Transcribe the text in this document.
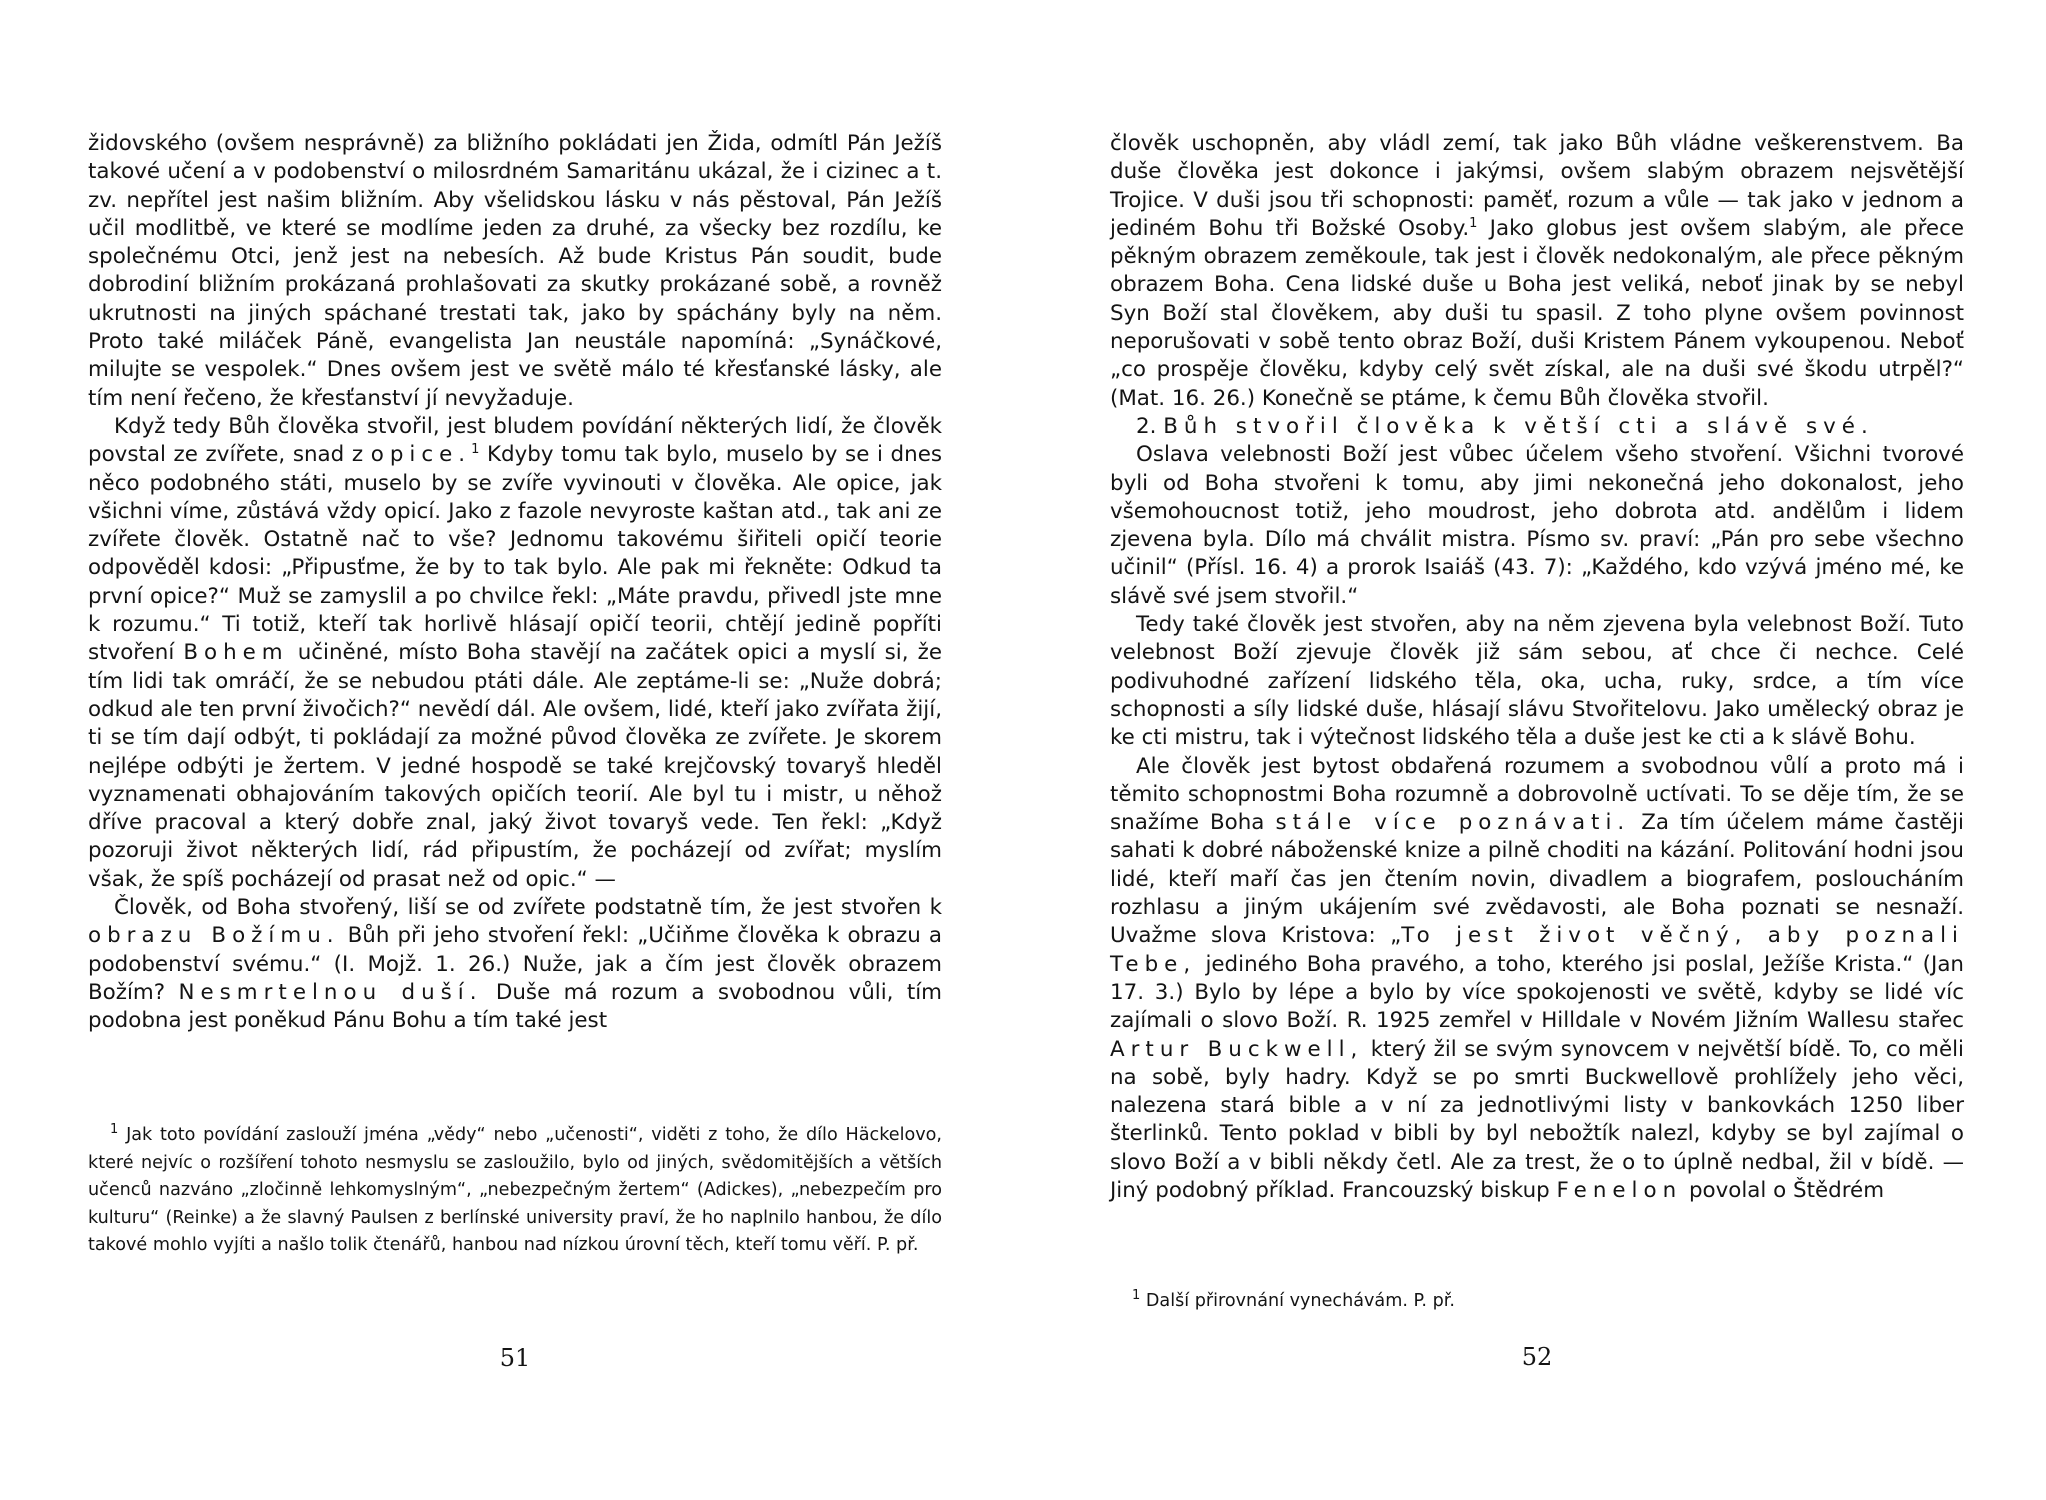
židovského (ovšem nesprávně) za bližního pokládati jen Žida, odmítl Pán Ježíš takové učení a v podobenství o milosrdném Samaritánu ukázal, že i cizinec a t. zv. nepřítel jest našim bližním. Aby všelidskou lásku v nás pěstoval, Pán Ježíš učil modlitbě, ve které se modlíme jeden za druhé, za všecky bez rozdílu, ke společnému Otci, jenž jest na nebesích. Až bude Kristus Pán soudit, bude dobrodiní bližním prokázaná prohlašovati za skutky prokázané sobě, a rovněž ukrutnosti na jiných spáchané trestati tak, jako by spáchány byly na něm. Proto také miláček Páně, evangelista Jan neustále napomíná: „Synáčkové, milujte se vespolek.“ Dnes ovšem jest ve světě málo té křesťanské lásky, ale tím není řečeno, že křesťanství jí nevyžaduje.

Když tedy Bůh člověka stvořil, jest bludem povídání některých lidí, že člověk povstal ze zvířete, snad z opice.$^1$ Kdyby tomu tak bylo, muselo by se i dnes něco podobného státi, muselo by se zvíře vyvinouti v člověka. Ale opice, jak všichni víme, zůstává vždy opicí. Jako z fazole nevyroste kaštan atd., tak ani ze zvířete člověk. Ostatně nač to vše? Jednomu takovému šiřiteli opičí teorie odpověděl kdosi: „Připusťme, že by to tak bylo. Ale pak mi řekněte: Odkud ta první opice?“ Muž se zamyslil a po chvilce řekl: „Máte pravdu, přivedl jste mne k rozumu.“ Ti totiž, kteří tak horlivě hlásají opičí teorii, chtějí jedině popříti stvoření Bohem učiněné, místo Boha stavějí na začátek opici a myslí si, že tím lidi tak omráčí, že se nebudou ptáti dále. Ale zeptáme-li se: „Nuže dobrá; odkud ale ten první živočich?“ nevědí dál. Ale ovšem, lidé, kteří jako zvířata žijí, ti se tím dají odbýt, ti pokládají za možné původ člověka ze zvířete. Je skorem nejlépe odbýti je žertem. V jedné hospodě se také krejčovský tovaryš hleděl vyznamenati obhajováním takových opičích teorií. Ale byl tu i mistr, u něhož dříve pracoval a který dobře znal, jaký život tovaryš vede. Ten řekl: „Když pozoruji život některých lidí, rád připustím, že pocházejí od zvířat; myslím však, že spíš pocházejí od prasat než od opic.“ —

Člověk, od Boha stvořený, liší se od zvířete podstatně tím, že jest stvořen k obrazu Božímu. Bůh při jeho stvoření řekl: „Učiňme člověka k obrazu a podobenství svému.“ (I. Mojž. 1. 26.) Nuže, jak a čím jest člověk obrazem Božím? Nesmrtelnou duší. Duše má rozum a svobodnou vůli, tím podobna jest poněkud Pánu Bohu a tím také jest

$^1$ Jak toto povídání zaslouží jména „vědy“ nebo „učenosti“, viděti z toho, že dílo Häckelovo, které nejvíc o rozšíření tohoto nesmyslu se zasloužilo, bylo od jiných, svědomitějších a větších učenců nazváno „zločinně lehkomyslným“, „nebezpečným žertem“ (Adickes), „nebezpečím pro kulturu“ (Reinke) a že slavný Paulsen z berlínské university praví, že ho naplnilo hanbou, že dílo takové mohlo vyjíti a našlo tolik čtenářů, hanbou nad nízkou úrovní těch, kteří tomu věří. P. př.

51

člověk uschopněn, aby vládl zemí, tak jako Bůh vládne veškerenstvem. Ba duše člověka jest dokonce i jakýmsi, ovšem slabým obrazem nejsvětější Trojice. V duši jsou tři schopnosti: paměť, rozum a vůle — tak jako v jednom a jediném Bohu tři Božské Osoby.$^1$ Jako globus jest ovšem slabým, ale přece pěkným obrazem zeměkoule, tak jest i člověk nedokonalým, ale přece pěkným obrazem Boha. Cena lidské duše u Boha jest veliká, neboť jinak by se nebyl Syn Boží stal člověkem, aby duši tu spasil. Z toho plyne ovšem povinnost neporušovati v sobě tento obraz Boží, duši Kristem Pánem vykoupenou. Neboť „co prospěje člověku, kdyby celý svět získal, ale na duši své škodu utrpěl?“ (Mat. 16. 26.) Konečně se ptáme, k čemu Bůh člověka stvořil.

2. Bůh stvořil člověka k větší cti a slávě své.

Oslava velebnosti Boží jest vůbec účelem všeho stvoření. Všichni tvorové byli od Boha stvořeni k tomu, aby jimi nekonečná jeho dokonalost, jeho všemohoucnost totiž, jeho moudrost, jeho dobrota atd. andělům i lidem zjevena byla. Dílo má chválit mistra. Písmo sv. praví: „Pán pro sebe všechno učinil“ (Přísl. 16. 4) a prorok Isaiáš (43. 7): „Každého, kdo vzývá jméno mé, ke slávě své jsem stvořil.“

Tedy také člověk jest stvořen, aby na něm zjevena byla velebnost Boží. Tuto velebnost Boží zjevuje člověk již sám sebou, ať chce či nechce. Celé podivuhodné zařízení lidského těla, oka, ucha, ruky, srdce, a tím více schopnosti a síly lidské duše, hlásají slávu Stvořitelovu. Jako umělecký obraz je ke cti mistru, tak i výtečnost lidského těla a duše jest ke cti a k slávě Bohu.

Ale člověk jest bytost obdařená rozumem a svobodnou vůlí a proto má i těmito schopnostmi Boha rozumně a dobrovolně uctívati. To se děje tím, že se snažíme Boha stále více poznávati. Za tím účelem máme častěji sahati k dobré náboženské knize a pilně choditi na kázání. Politování hodni jsou lidé, kteří maří čas jen čtením novin, divadlem a biografem, posloucháním rozhlasu a jiným ukájením své zvědavosti, ale Boha poznati se nesnaží. Uvažme slova Kristova: „To jest život věčný, aby poznali Tebe, jediného Boha pravého, a toho, kterého jsi poslal, Ježíše Krista.“ (Jan 17. 3.) Bylo by lépe a bylo by více spokojenosti ve světě, kdyby se lidé víc zajímali o slovo Boží. R. 1925 zemřel v Hilldale v Novém Jižním Wallesu stařec Artur Buckwell, který žil se svým synovcem v největší bídě. To, co měli na sobě, byly hadry. Když se po smrti Buckwellově prohlížely jeho věci, nalezena stará bible a v ní za jednotlivými listy v bankovkách 1250 liber šterlinků. Tento poklad v bibli by byl nebožtík nalezl, kdyby se byl zajímal o slovo Boží a v bibli někdy četl. Ale za trest, že o to úplně nedbal, žil v bídě. — Jiný podobný příklad. Francouzský biskup Fenelon povolal o Štědrém

$^1$ Další přirovnání vynechávám. P. př.

52
